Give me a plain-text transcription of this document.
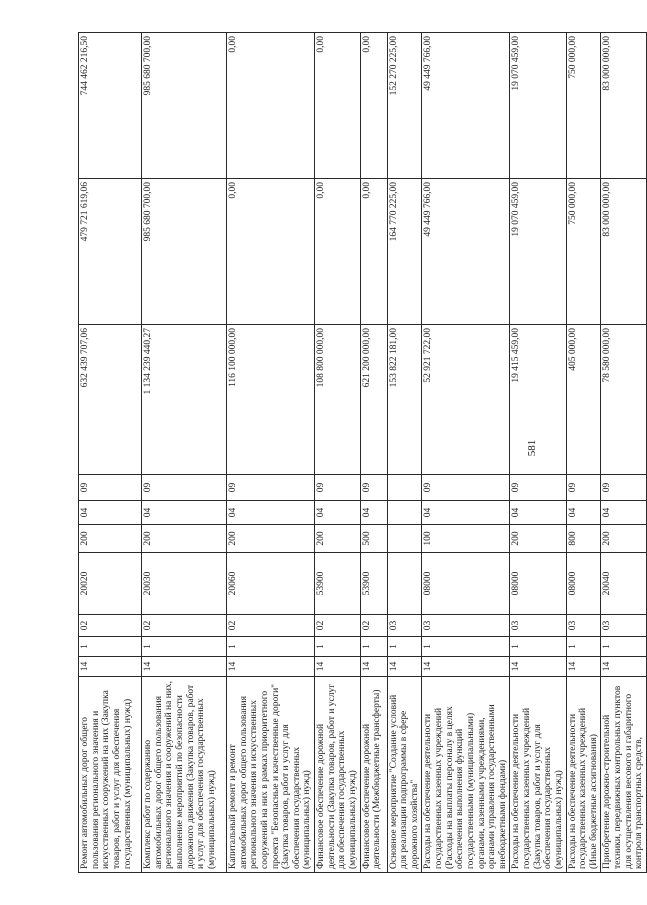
581
Ремонт автомобильных дорог общего пользования регионального значения и искусственных сооружений на них (Закупка товаров, работ и услуг для обеспечения государственных (муниципальных) нужд)	14	1	02	20020	200	04	09	632 439 707,06	479 721 619,06	744 462 216,50
Комплекс работ по содержанию автомобильных дорог общего пользования регионального значения и сооружений на них, выполнение мероприятий по безопасности дорожного движения (Закупка товаров, работ и услуг для обеспечения государственных (муниципальных) нужд)	14	1	02	20030	200	04	09	1 134 239 440,27	985 680 700,00	985 680 700,00
Капитальный ремонт и ремонт автомобильных дорог общего пользования регионального значения и искусственных сооружений на них в рамках приоритетного проекта "Безопасные и качественные дороги" (Закупка товаров, работ и услуг для обеспечения государственных (муниципальных) нужд)	14	1	02	20060	200	04	09	116 100 000,00	0,00	0,00
Финансовое обеспечение дорожной деятельности (Закупка товаров, работ и услуг для обеспечения государственных (муниципальных) нужд)	14	1	02	53900	200	04	09	108 800 000,00	0,00	0,00
Финансовое обеспечение дорожной деятельности (Межбюджетные трансферты)	14	1	02	53900	500	04	09	621 200 000,00	0,00	0,00
Основное мероприятие "Создание условий для реализации подпрограммы в сфере дорожного хозяйства"	14	1	03					153 822 181,00	164 770 225,00	152 270 225,00
Расходы на обеспечение деятельности государственных казенных учреждений (Расходы на выплаты персоналу в целях обеспечения выполнения функций государственными (муниципальными) органами, казенными учреждениями, органами управления государственными внебюджетными фондами)	14	1	03	08000	100	04	09	52 921 722,00	49 449 766,00	49 449 766,00
Расходы на обеспечение деятельности государственных казенных учреждений (Закупка товаров, работ и услуг для обеспечения государственных (муниципальных) нужд)	14	1	03	08000	200	04	09	19 415 459,00	19 070 459,00	19 070 459,00
Расходы на обеспечение деятельности государственных казенных учреждений (Иные бюджетные ассигнования)	14	1	03	08000	800	04	09	405 000,00	750 000,00	750 000,00
Приобретение дорожно-строительной техники, передвижных контрольных пунктов для осуществления весового и габаритного контроля транспортных средств,	14	1	03	20040	200	04	09	78 580 000,00	83 000 000,00	83 000 000,00
